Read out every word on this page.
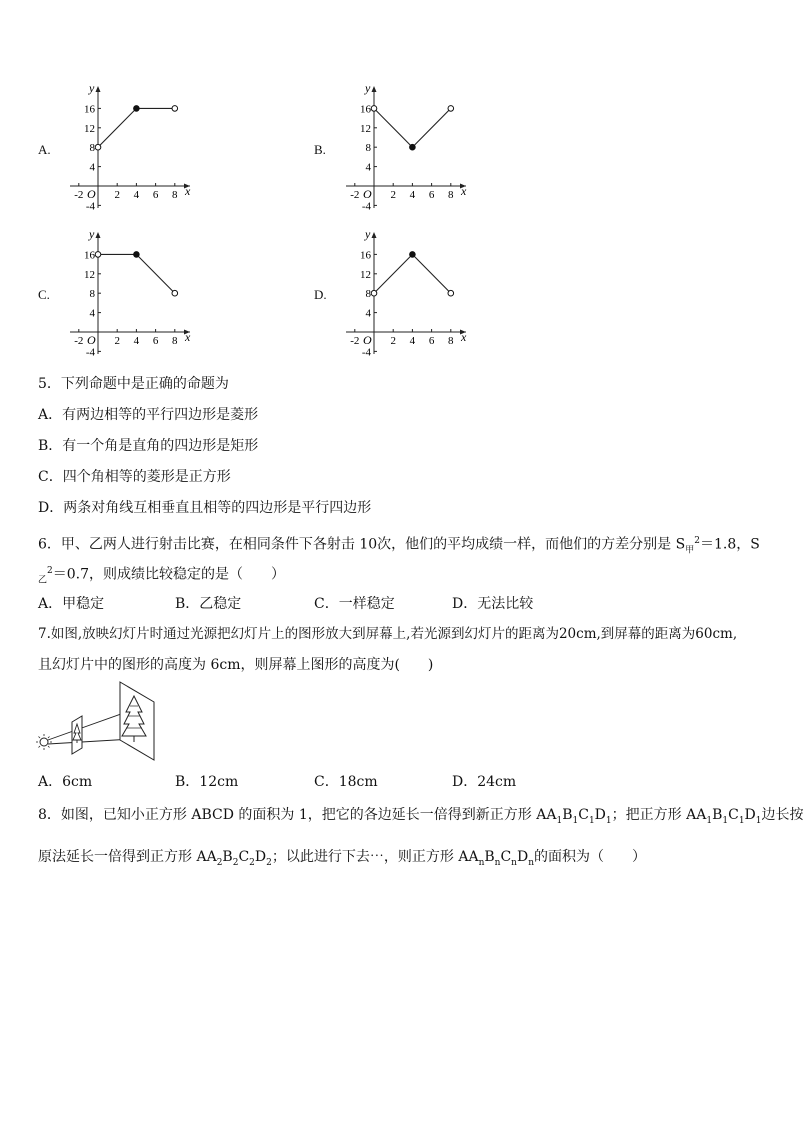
A.	B.
C.	D.
y
x
O
16
12
8
4
-4
-2	2 4 6 8
y
x
O
16
12
8
4
-4
-2	2 4 6 8
y
x
O
16
12
8
4
-4
-2	2 4 6 8
y
x
O
16
12
8
4
-4
-2	2 4 6 8
5．下列命题中是正确的命题为
A．有两边相等的平行四边形是菱形
B．有一个角是直角的四边形是矩形
C．四个角相等的菱形是正方形
D．两条对角线互相垂直且相等的四边形是平行四边形
6．甲、乙两人进行射击比赛，在相同条件下各射击 10次，他们的平均成绩一样，而他们的方差分别是 $S_甲^2=1.8$，S
$_乙^2$＝0.7，则成绩比较稳定的是（　　）
A．甲稳定	B．乙稳定	C．一样稳定	D．无法比较
7.如图,放映幻灯片时通过光源把幻灯片上的图形放大到屏幕上,若光源到幻灯片的距离为20cm,到屏幕的距离为60cm,
且幻灯片中的图形的高度为 6cm，则屏幕上图形的高度为(　　)
A．6cm	B．12cm	C．18cm	D．24cm
8．如图，已知小正方形 ABCD 的面积为 1，把它的各边延长一倍得到新正方形 $AA_1B_1C_1D_1$；把正方形 $AA_1B_1C_1D_1$边长按
原法延长一倍得到正方形 $AA_2B_2C_2D_2$；以此进行下去⋯，则正方形 $AA_nB_nC_nD_n$的面积为（　　）
